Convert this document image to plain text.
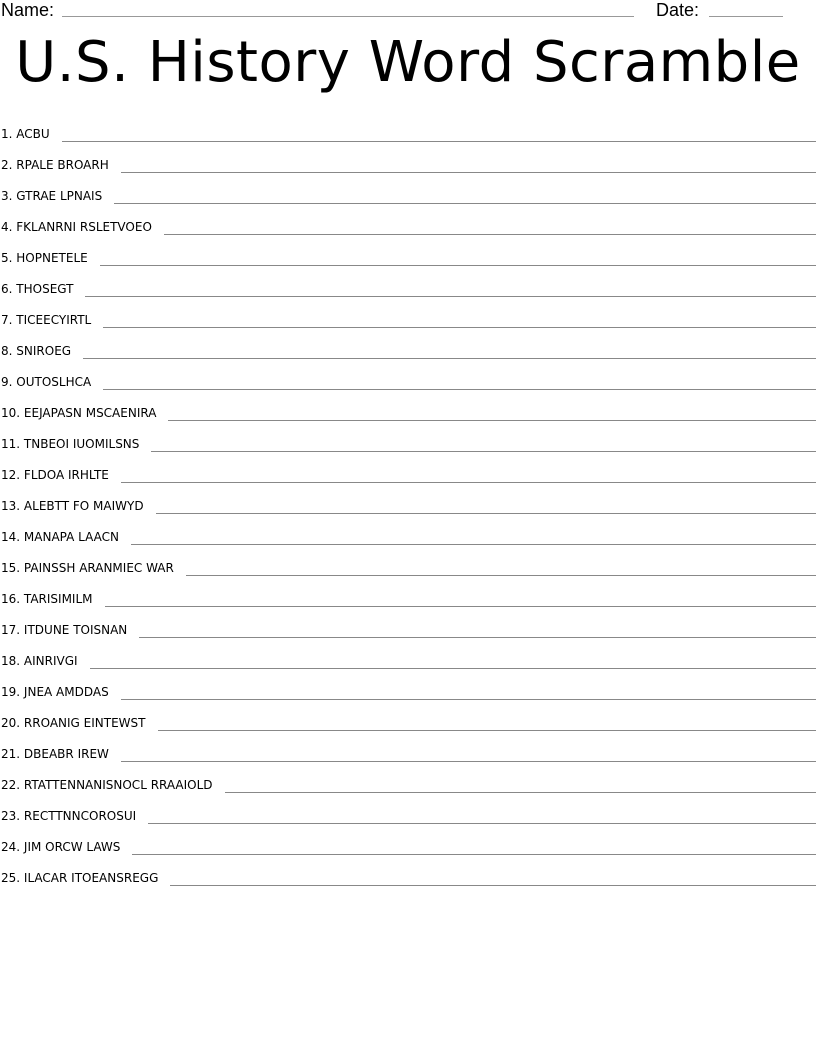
Name:	Date:
U.S. History Word Scramble
1. ACBU
2. RPALE BROARH
3. GTRAE LPNAIS
4. FKLANRNI RSLETVOEO
5. HOPNETELE
6. THOSEGT
7. TICEECYIRTL
8. SNIROEG
9. OUTOSLHCA
10. EEJAPASN MSCAENIRA
11. TNBEOI IUOMILSNS
12. FLDOA IRHLTE
13. ALEBTT FO MAIWYD
14. MANAPA LAACN
15. PAINSSH ARANMIEC WAR
16. TARISIMILM
17. ITDUNE TOISNAN
18. AINRIVGI
19. JNEA AMDDAS
20. RROANIG EINTEWST
21. DBEABR IREW
22. RTATTENNANISNOCL RRAAIOLD
23. RECTTNNCOROSUI
24. JIM ORCW LAWS
25. ILACAR ITOEANSREGG
